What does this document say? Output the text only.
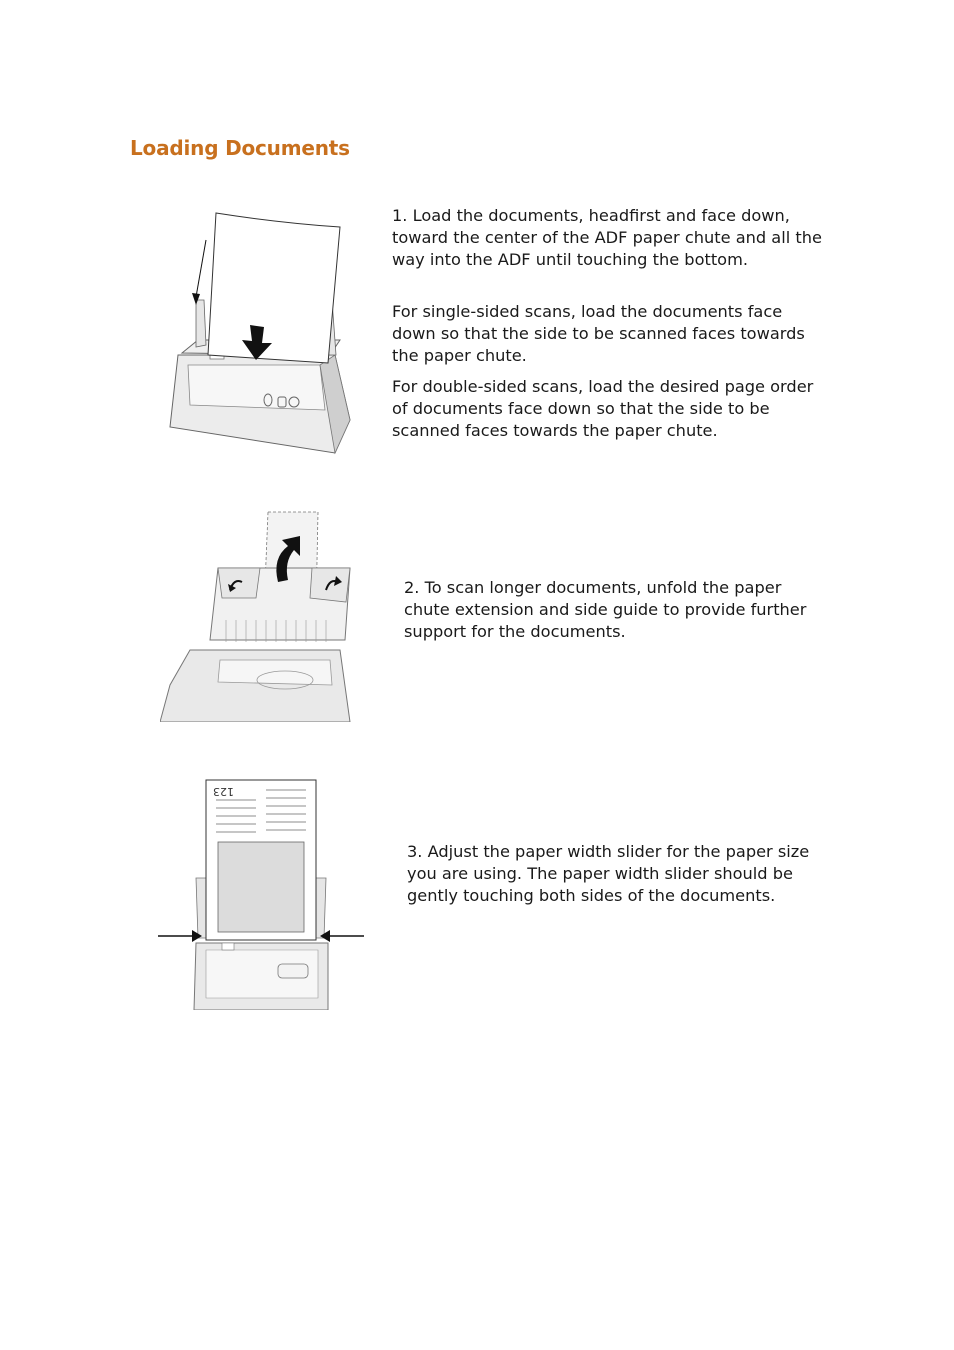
Loading Documents

1. Load the documents, headfirst and face down, toward the center of the ADF paper chute and all the way into the ADF until touching the bottom.

For single-sided scans, load the documents face down so that the side to be scanned faces towards the paper chute.

For double-sided scans, load the desired page order of documents face down so that the side to be scanned faces towards the paper chute.

2. To scan longer documents, unfold the paper chute extension and side guide to provide further support for the documents.

123

3. Adjust the paper width slider for the paper size you are using. The paper width slider should be gently touching both sides of the documents.
